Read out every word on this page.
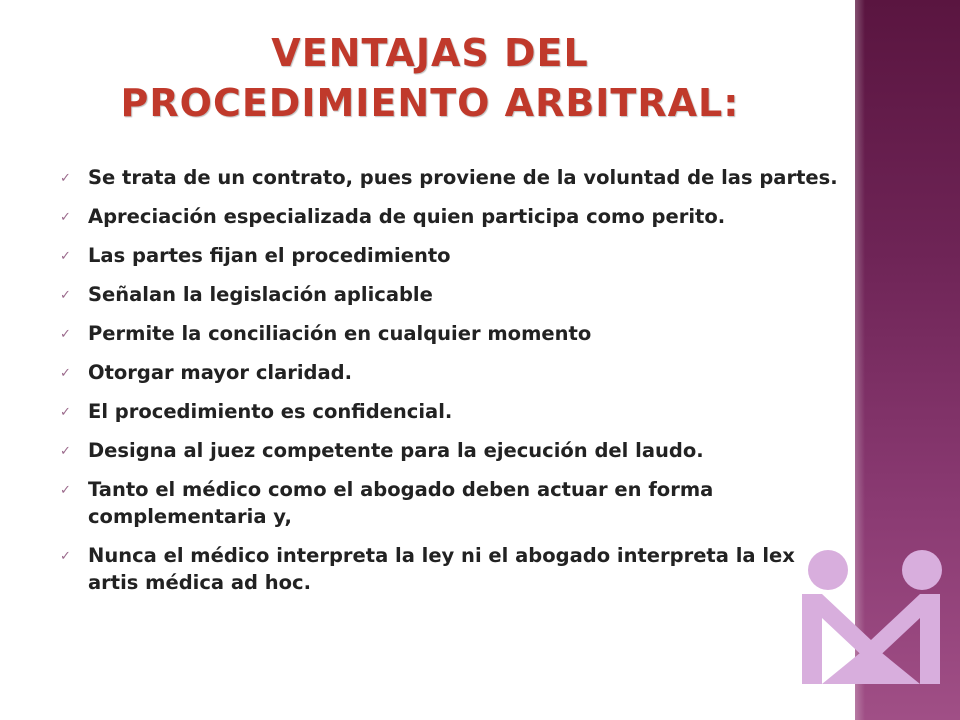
VENTAJAS DEL PROCEDIMIENTO ARBITRAL:
✓ Se trata de un contrato, pues proviene de la voluntad de las partes.
✓ Apreciación especializada de quien participa como perito.
✓ Las partes fijan el procedimiento
✓ Señalan la legislación aplicable
✓ Permite la conciliación en cualquier momento
✓ Otorgar mayor claridad.
✓ El procedimiento es confidencial.
✓ Designa al juez competente para la ejecución del laudo.
✓ Tanto el médico como el abogado deben actuar en forma complementaria y,
✓ Nunca el médico interpreta la ley ni el abogado interpreta la lex artis médica ad hoc.
